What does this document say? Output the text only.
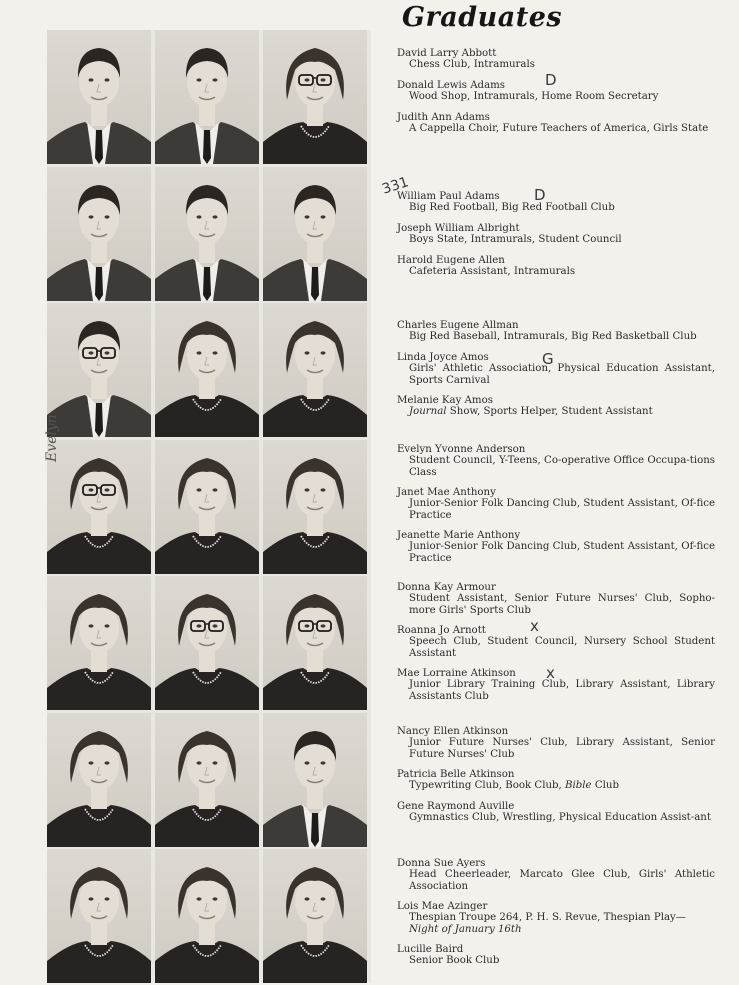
Graduates
David Larry Abbott
Chess Club, Intramurals
Donald Lewis Adams
Wood Shop, Intramurals, Home Room Secretary
Judith Ann Adams
A Cappella Choir, Future Teachers of America, Girls State
William Paul Adams
Big Red Football, Big Red Football Club
Joseph William Albright
Boys State, Intramurals, Student Council
Harold Eugene Allen
Cafeteria Assistant, Intramurals
Charles Eugene Allman
Big Red Baseball, Intramurals, Big Red Basketball Club
Linda Joyce Amos
Girls' Athletic Association, Physical Education Assistant, Sports Carnival
Melanie Kay Amos
Journal Show, Sports Helper, Student Assistant
Evelyn Yvonne Anderson
Student Council, Y-Teens, Co-operative Office Occupa-tions Class
Janet Mae Anthony
Junior-Senior Folk Dancing Club, Student Assistant, Of-fice Practice
Jeanette Marie Anthony
Junior-Senior Folk Dancing Club, Student Assistant, Of-fice Practice
Donna Kay Armour
Student Assistant, Senior Future Nurses' Club, Sopho-more Girls' Sports Club
Roanna Jo Arnott
Speech Club, Student Council, Nursery School Student Assistant
Mae Lorraine Atkinson
Junior Library Training Club, Library Assistant, Library Assistants Club
Nancy Ellen Atkinson
Junior Future Nurses' Club, Library Assistant, Senior Future Nurses' Club
Patricia Belle Atkinson
Typewriting Club, Book Club, Bible Club
Gene Raymond Auville
Gymnastics Club, Wrestling, Physical Education Assist-ant
Donna Sue Ayers
Head Cheerleader, Marcato Glee Club, Girls' Athletic Association
Lois Mae Azinger
Thespian Troupe 264, P. H. S. Revue, Thespian Play—
Night of January 16th
Lucille Baird
Senior Book Club
331
D
D
G
x
x
Evelyn
